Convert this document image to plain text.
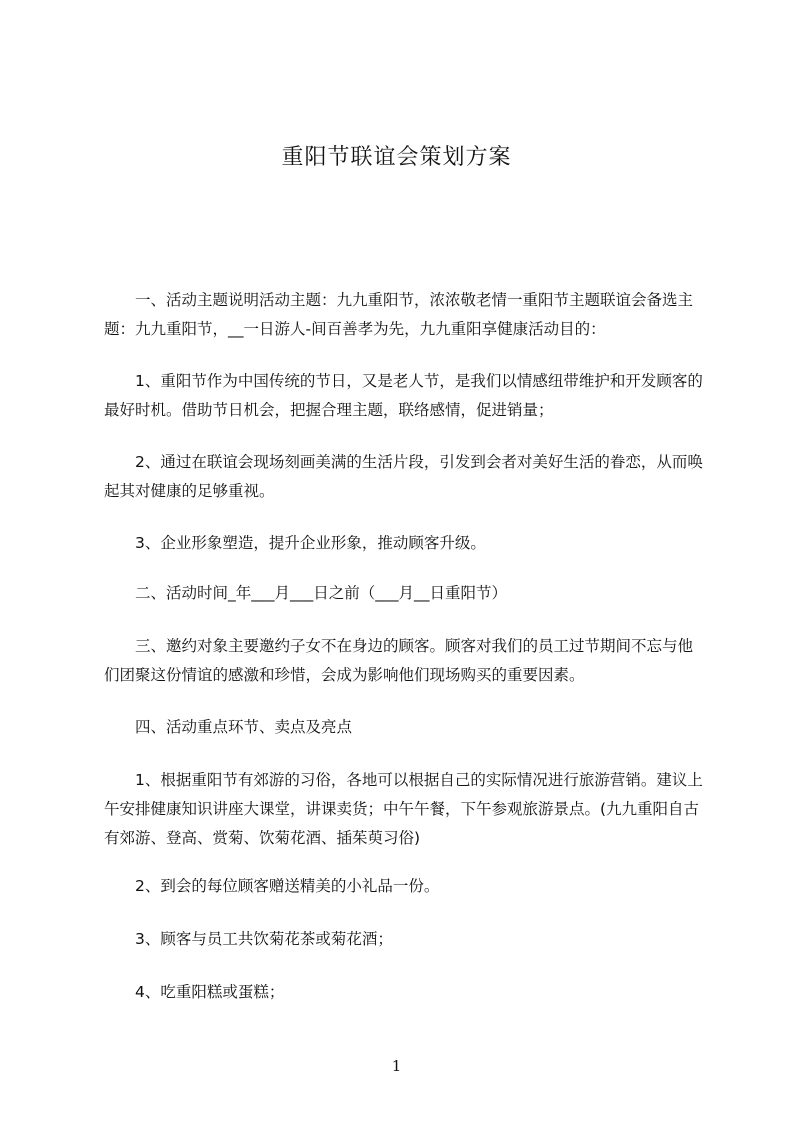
重阳节联谊会策划方案
一、活动主题说明活动主题：九九重阳节，浓浓敬老情一重阳节主题联谊会备选主题：九九重阳节，__一日游人-间百善孝为先，九九重阳享健康活动目的：
1、重阳节作为中国传统的节日，又是老人节，是我们以情感纽带维护和开发顾客的最好时机。借助节日机会，把握合理主题，联络感情，促进销量；
2、通过在联谊会现场刻画美满的生活片段，引发到会者对美好生活的眷恋，从而唤起其对健康的足够重视。
3、企业形象塑造，提升企业形象，推动顾客升级。
二、活动时间_年___月___日之前（___月__日重阳节）
三、邀约对象主要邀约子女不在身边的顾客。顾客对我们的员工过节期间不忘与他们团聚这份情谊的感激和珍惜，会成为影响他们现场购买的重要因素。
四、活动重点环节、卖点及亮点
1、根据重阳节有郊游的习俗，各地可以根据自己的实际情况进行旅游营销。建议上午安排健康知识讲座大课堂，讲课卖货；中午午餐，下午参观旅游景点。(九九重阳自古有郊游、登高、赏菊、饮菊花酒、插茱萸习俗)
2、到会的每位顾客赠送精美的小礼品一份。
3、顾客与员工共饮菊花茶或菊花酒；
4、吃重阳糕或蛋糕；
1
